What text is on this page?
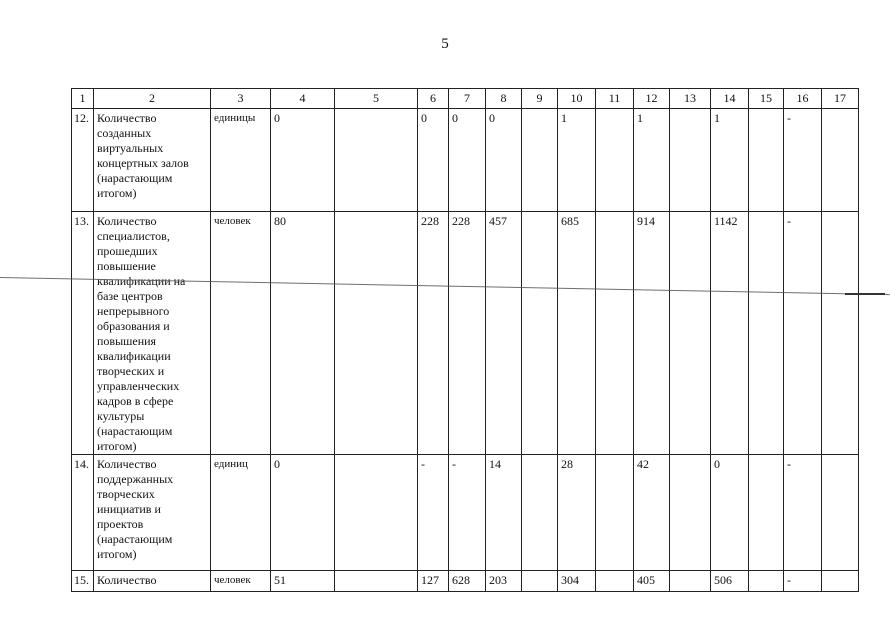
5
1	2	3	4	5	6	7	8	9	10	11	12	13	14	15	16	17
12.	Количество созданных виртуальных концертных залов (нарастающим итогом)	единицы	0		0	0	0		1		1		1		-	
13.	Количество специалистов, прошедших повышение квалификации на базе центров непрерывного образования и повышения квалификации творческих и управленческих кадров в сфере культуры (нарастающим итогом)	человек	80		228	228	457		685		914		1142		-	
14.	Количество поддержанных творческих инициатив и проектов (нарастающим итогом)	единиц	0		-	-	14		28		42		0		-	
15.	Количество	человек	51		127	628	203		304		405		506		-	
